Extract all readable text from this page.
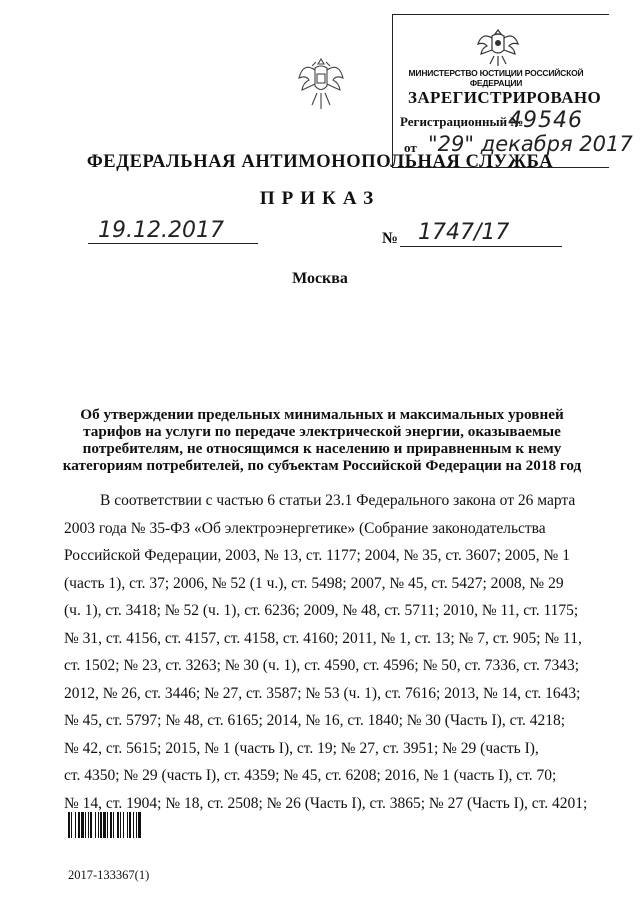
МИНИСТЕРСТВО ЮСТИЦИИ РОССИЙСКОЙ ФЕДЕРАЦИИ
ЗАРЕГИСТРИРОВАНО
Регистрационный №
49546
от "29" декабря 2017
ФЕДЕРАЛЬНАЯ АНТИМОНОПОЛЬНАЯ СЛУЖБА
ПРИКАЗ
19.12.2017	№ 1747/17
Москва
Об утверждении предельных минимальных и максимальных уровней
тарифов на услуги по передаче электрической энергии, оказываемые
потребителям, не относящимся к населению и приравненным к нему
категориям потребителей, по субъектам Российской Федерации на 2018 год
В соответствии с частью 6 статьи 23.1 Федерального закона от 26 марта
2003 года № 35-ФЗ «Об электроэнергетике» (Собрание законодательства
Российской Федерации, 2003, № 13, ст. 1177; 2004, № 35, ст. 3607; 2005, № 1
(часть 1), ст. 37; 2006, № 52 (1 ч.), ст. 5498; 2007, № 45, ст. 5427; 2008, № 29
(ч. 1), ст. 3418; № 52 (ч. 1), ст. 6236; 2009, № 48, ст. 5711; 2010, № 11, ст. 1175;
№ 31, ст. 4156, ст. 4157, ст. 4158, ст. 4160; 2011, № 1, ст. 13; № 7, ст. 905; № 11,
ст. 1502; № 23, ст. 3263; № 30 (ч. 1), ст. 4590, ст. 4596; № 50, ст. 7336, ст. 7343;
2012, № 26, ст. 3446; № 27, ст. 3587; № 53 (ч. 1), ст. 7616; 2013, № 14, ст. 1643;
№ 45, ст. 5797; № 48, ст. 6165; 2014, № 16, ст. 1840; № 30 (Часть I), ст. 4218;
№ 42, ст. 5615; 2015, № 1 (часть I), ст. 19; № 27, ст. 3951; № 29 (часть I),
ст. 4350; № 29 (часть I), ст. 4359; № 45, ст. 6208; 2016, № 1 (часть I), ст. 70;
№ 14, ст. 1904; № 18, ст. 2508; № 26 (Часть I), ст. 3865; № 27 (Часть I), ст. 4201;
2017-133367(1)
